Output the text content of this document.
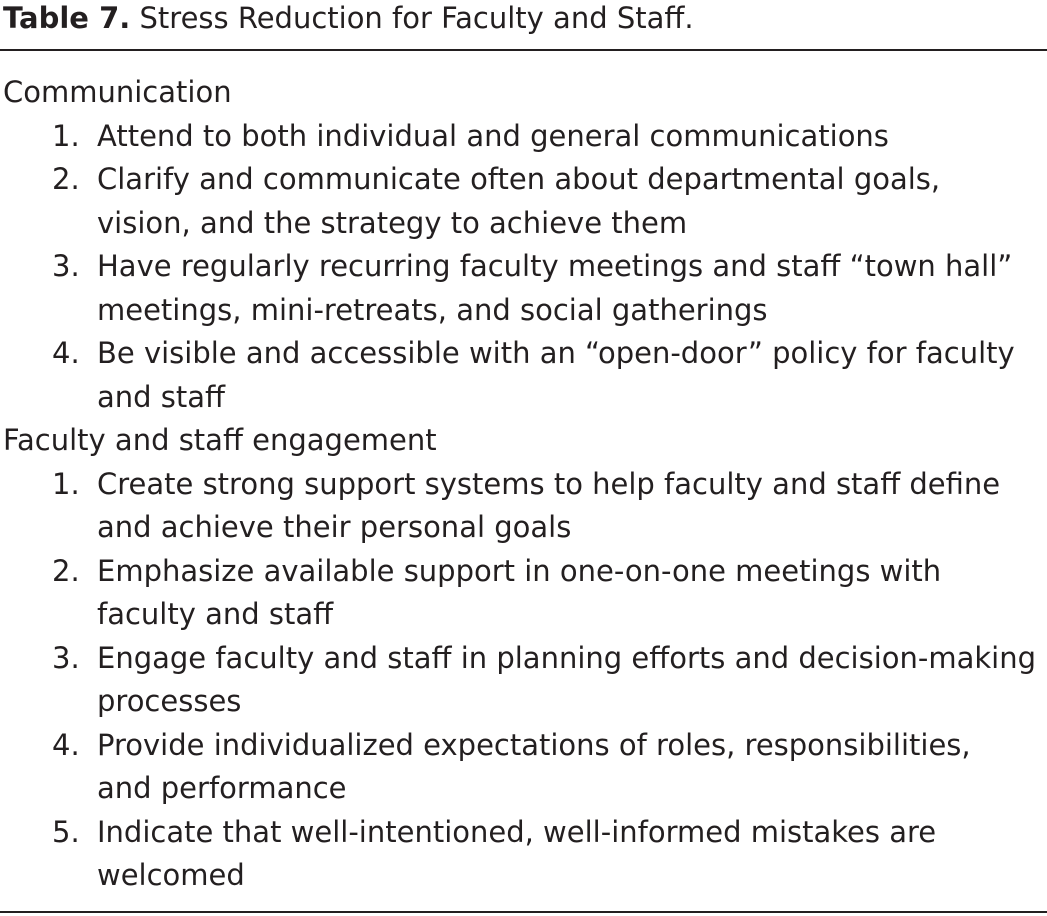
Table 7. Stress Reduction for Faculty and Staff.
Communication
1. Attend to both individual and general communications
2. Clarify and communicate often about departmental goals,
vision, and the strategy to achieve them
3. Have regularly recurring faculty meetings and staff “town hall”
meetings, mini-retreats, and social gatherings
4. Be visible and accessible with an “open-door” policy for faculty
and staff
Faculty and staff engagement
1. Create strong support systems to help faculty and staff define
and achieve their personal goals
2. Emphasize available support in one-on-one meetings with
faculty and staff
3. Engage faculty and staff in planning efforts and decision-making
processes
4. Provide individualized expectations of roles, responsibilities,
and performance
5. Indicate that well-intentioned, well-informed mistakes are
welcomed
